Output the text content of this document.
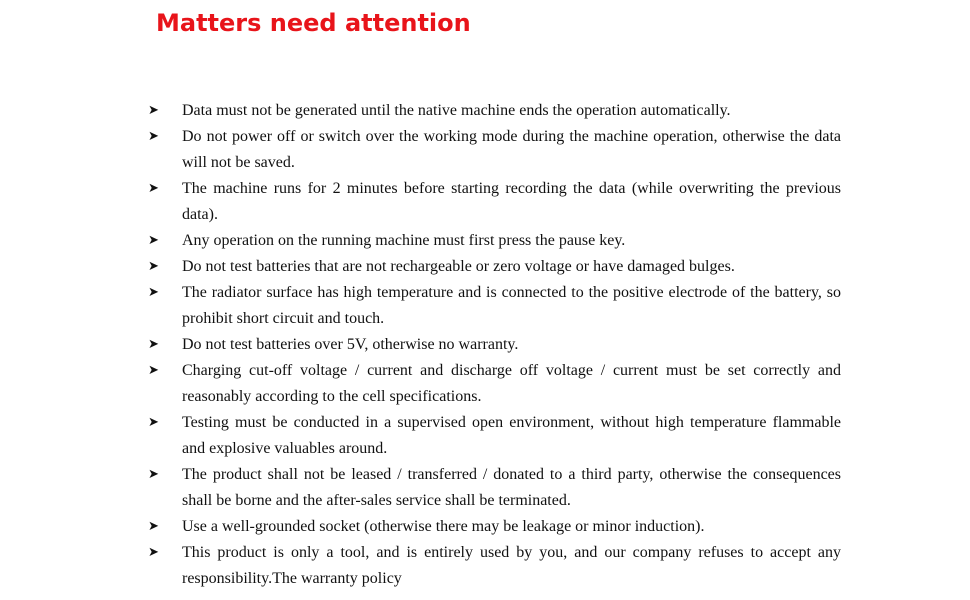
Matters need attention
➤ Data must not be generated until the native machine ends the operation automatically.
➤ Do not power off or switch over the working mode during the machine operation, otherwise the data will not be saved.
➤ The machine runs for 2 minutes before starting recording the data (while overwriting the previous data).
➤ Any operation on the running machine must first press the pause key.
➤ Do not test batteries that are not rechargeable or zero voltage or have damaged bulges.
➤ The radiator surface has high temperature and is connected to the positive electrode of the battery, so prohibit short circuit and touch.
➤ Do not test batteries over 5V, otherwise no warranty.
➤ Charging cut-off voltage / current and discharge off voltage / current must be set correctly and reasonably according to the cell specifications.
➤ Testing must be conducted in a supervised open environment, without high temperature flammable and explosive valuables around.
➤ The product shall not be leased / transferred / donated to a third party, otherwise the consequences shall be borne and the after-sales service shall be terminated.
➤ Use a well-grounded socket (otherwise there may be leakage or minor induction).
➤ This product is only a tool, and is entirely used by you, and our company refuses to accept any responsibility.The warranty policy
